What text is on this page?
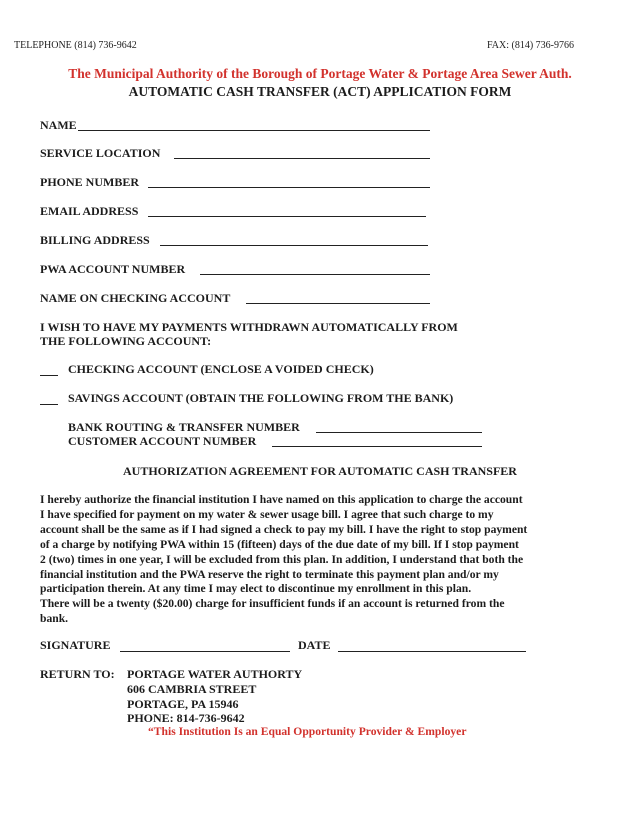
TELEPHONE (814) 736-9642	FAX: (814) 736-9766
The Municipal Authority of the Borough of Portage Water & Portage Area Sewer Auth.
AUTOMATIC CASH TRANSFER (ACT) APPLICATION FORM
NAME
SERVICE LOCATION
PHONE NUMBER
EMAIL ADDRESS
BILLING ADDRESS
PWA ACCOUNT NUMBER
NAME ON CHECKING ACCOUNT
I WISH TO HAVE MY PAYMENTS WITHDRAWN AUTOMATICALLY FROM
THE FOLLOWING ACCOUNT:
CHECKING ACCOUNT (ENCLOSE A VOIDED CHECK)
SAVINGS ACCOUNT (OBTAIN THE FOLLOWING FROM THE BANK)
BANK ROUTING & TRANSFER NUMBER
CUSTOMER ACCOUNT NUMBER
AUTHORIZATION AGREEMENT FOR AUTOMATIC CASH TRANSFER
I hereby authorize the financial institution I have named on this application to charge the account
I have specified for payment on my water & sewer usage bill. I agree that such charge to my
account shall be the same as if I had signed a check to pay my bill. I have the right to stop payment
of a charge by notifying PWA within 15 (fifteen) days of the due date of my bill. If I stop payment
2 (two) times in one year, I will be excluded from this plan. In addition, I understand that both the
financial institution and the PWA reserve the right to terminate this payment plan and/or my
participation therein. At any time I may elect to discontinue my enrollment in this plan.
There will be a twenty ($20.00) charge for insufficient funds if an account is returned from the
bank.
SIGNATURE	DATE
RETURN TO: PORTAGE WATER AUTHORTY
606 CAMBRIA STREET
PORTAGE, PA 15946
PHONE: 814-736-9642
“This Institution Is an Equal Opportunity Provider & Employer
